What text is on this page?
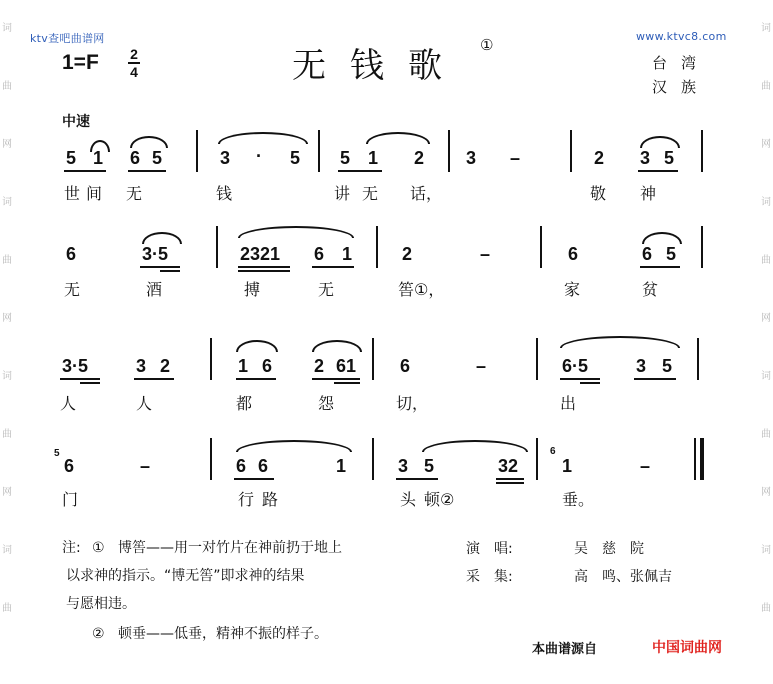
词
曲
网
词
曲
网
词
曲
网
词
曲
词
曲
网
词
曲
网
词
曲
网
词
曲
ktv查吧曲谱网	www.ktvc8.com
1=F 2
4	无钱歌
①
台湾
汉族
中速
5 1 6 5	3 · 5 5 1 2 3 –	2 3 5
世 间 无	钱	讲 无 话，	敬 神
6	3·5	2321 6 1	2	–	6	6 5
无	酒	搏	无	筶①，	家	贫
3·5	3 2	1 6 2 61 6	–	6·5	3 5
人	人	都	怨	切，	出
5
6	–	6 6	1	3 5	32
6
1	–
门	行 路	头 顿②	垂。
注: ① 博筶——用一对竹片在神前扔于地上
以求神的指示。“博无筶”即求神的结果
与愿相违。
② 顿垂——低垂，精神不振的样子。
演　唱:	吴　慈　院
采　集:	高　鸣、张佩吉
本曲谱源自	中国词曲网
